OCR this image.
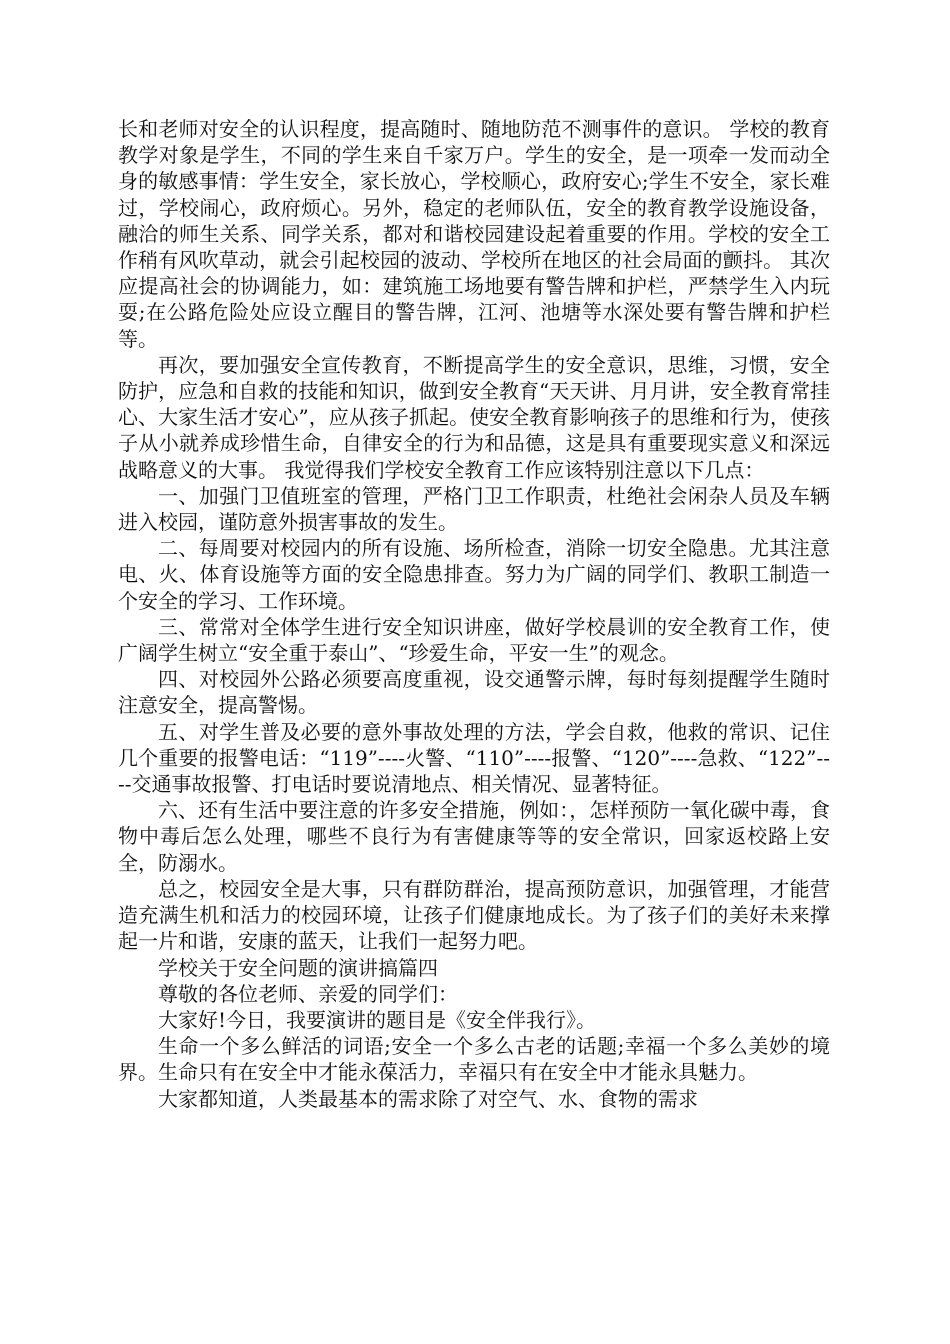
长和老师对安全的认识程度，提高随时、随地防范不测事件的意识。 学校的教育教学对象是学生，不同的学生来自千家万户。学生的安全，是一项牵一发而动全身的敏感事情：学生安全，家长放心，学校顺心，政府安心;学生不安全，家长难过，学校闹心，政府烦心。另外，稳定的老师队伍，安全的教育教学设施设备，融洽的师生关系、同学关系，都对和谐校园建设起着重要的作用。学校的安全工作稍有风吹草动，就会引起校园的波动、学校所在地区的社会局面的颤抖。 其次应提高社会的协调能力，如：建筑施工场地要有警告牌和护栏，严禁学生入内玩耍;在公路危险处应设立醒目的警告牌，江河、池塘等水深处要有警告牌和护栏等。

再次，要加强安全宣传教育，不断提高学生的安全意识，思维，习惯，安全防护，应急和自救的技能和知识，做到安全教育“天天讲、月月讲，安全教育常挂心、大家生活才安心”，应从孩子抓起。使安全教育影响孩子的思维和行为，使孩子从小就养成珍惜生命，自律安全的行为和品德，这是具有重要现实意义和深远战略意义的大事。 我觉得我们学校安全教育工作应该特别注意以下几点：

一、加强门卫值班室的管理，严格门卫工作职责，杜绝社会闲杂人员及车辆进入校园，谨防意外损害事故的发生。

二、每周要对校园内的所有设施、场所检查，消除一切安全隐患。尤其注意电、火、体育设施等方面的安全隐患排查。努力为广阔的同学们、教职工制造一个安全的学习、工作环境。

三、常常对全体学生进行安全知识讲座，做好学校晨训的安全教育工作，使广阔学生树立“安全重于泰山”、“珍爱生命，平安一生”的观念。

四、对校园外公路必须要高度重视，设交通警示牌，每时每刻提醒学生随时注意安全，提高警惕。

五、对学生普及必要的意外事故处理的方法，学会自救，他救的常识、记住几个重要的报警电话：“119”----火警、“110”----报警、“120”----急救、“122”----交通事故报警、打电话时要说清地点、相关情况、显著特征。

六、还有生活中要注意的许多安全措施，例如：，怎样预防一氧化碳中毒，食物中毒后怎么处理，哪些不良行为有害健康等等的安全常识，回家返校路上安全，防溺水。

总之，校园安全是大事，只有群防群治，提高预防意识，加强管理，才能营造充满生机和活力的校园环境，让孩子们健康地成长。为了孩子们的美好未来撑起一片和谐，安康的蓝天，让我们一起努力吧。

学校关于安全问题的演讲搞篇四

尊敬的各位老师、亲爱的同学们：

大家好!今日，我要演讲的题目是《安全伴我行》。

生命一个多么鲜活的词语;安全一个多么古老的话题;幸福一个多么美妙的境界。生命只有在安全中才能永葆活力，幸福只有在安全中才能永具魅力。

大家都知道，人类最基本的需求除了对空气、水、食物的需求
